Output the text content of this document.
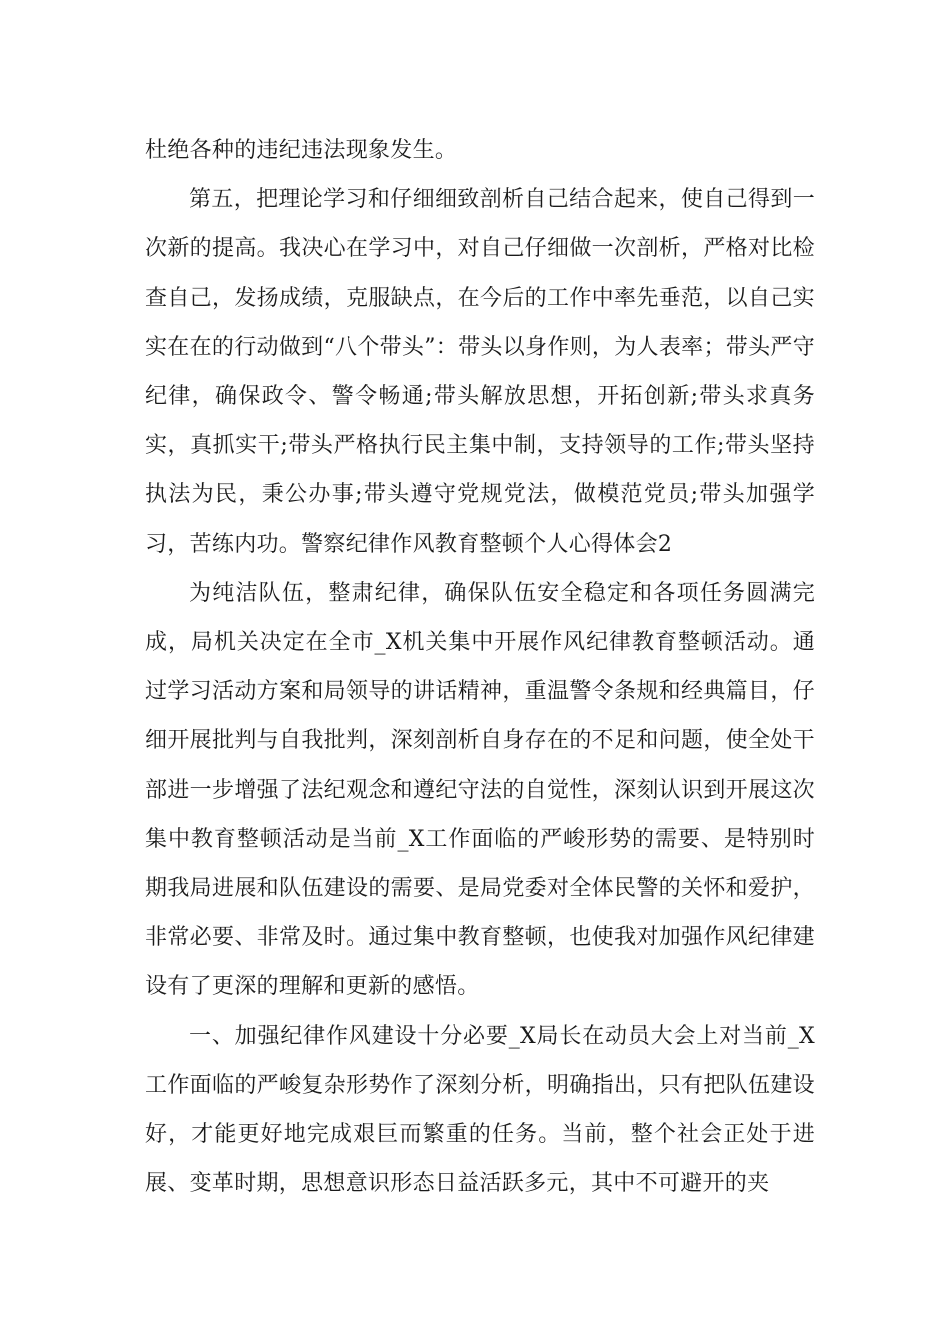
杜绝各种的违纪违法现象发生。

第五，把理论学习和仔细细致剖析自己结合起来，使自己得到一次新的提高。我决心在学习中，对自己仔细做一次剖析，严格对比检查自己，发扬成绩，克服缺点，在今后的工作中率先垂范，以自己实实在在的行动做到“八个带头”：带头以身作则，为人表率；带头严守纪律，确保政令、警令畅通;带头解放思想，开拓创新;带头求真务实，真抓实干;带头严格执行民主集中制，支持领导的工作;带头坚持执法为民，秉公办事;带头遵守党规党法，做模范党员;带头加强学习，苦练内功。警察纪律作风教育整顿个人心得体会2

为纯洁队伍，整肃纪律，确保队伍安全稳定和各项任务圆满完成，局机关决定在全市_X机关集中开展作风纪律教育整顿活动。通过学习活动方案和局领导的讲话精神，重温警令条规和经典篇目，仔细开展批判与自我批判，深刻剖析自身存在的不足和问题，使全处干部进一步增强了法纪观念和遵纪守法的自觉性，深刻认识到开展这次集中教育整顿活动是当前_X工作面临的严峻形势的需要、是特别时期我局进展和队伍建设的需要、是局党委对全体民警的关怀和爱护，非常必要、非常及时。通过集中教育整顿，也使我对加强作风纪律建设有了更深的理解和更新的感悟。

一、加强纪律作风建设十分必要_X局长在动员大会上对当前_X工作面临的严峻复杂形势作了深刻分析，明确指出，只有把队伍建设好，才能更好地完成艰巨而繁重的任务。当前，整个社会正处于进展、变革时期，思想意识形态日益活跃多元，其中不可避开的夹
